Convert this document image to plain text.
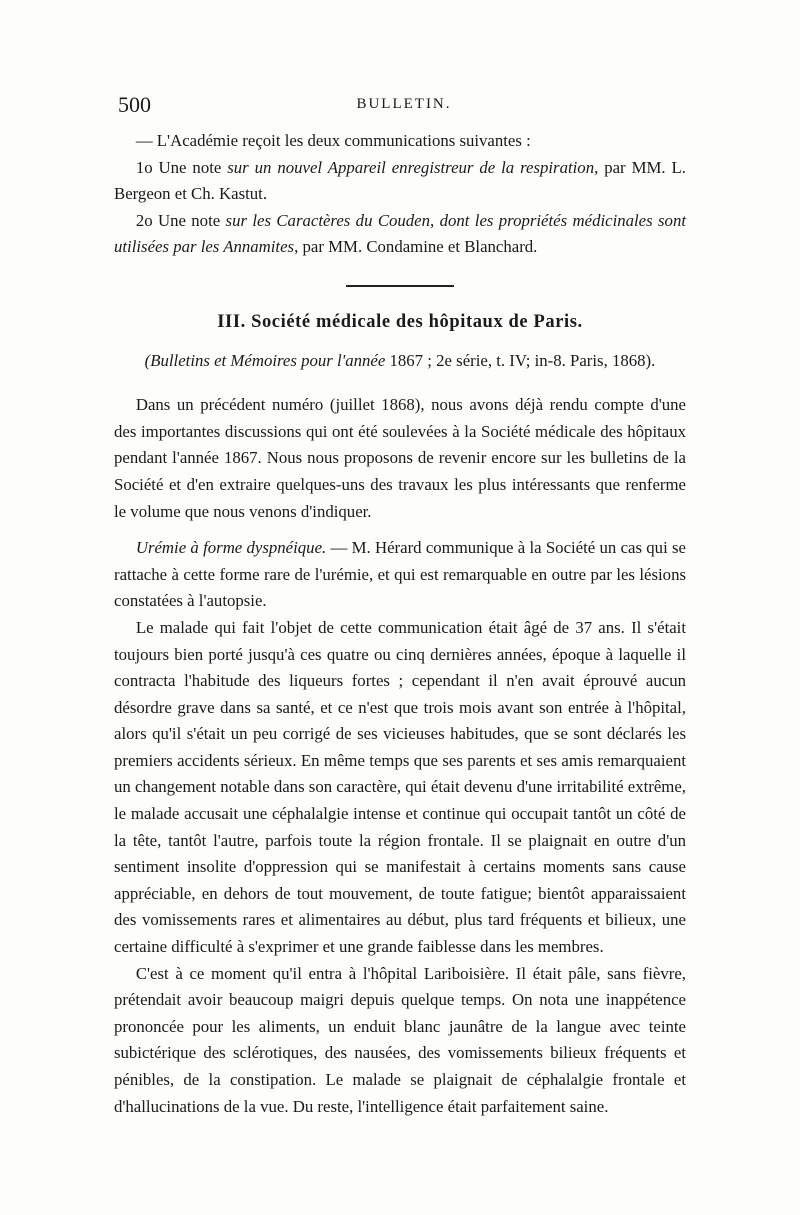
500	BULLETIN.

— L'Académie reçoit les deux communications suivantes :

1o Une note sur un nouvel Appareil enregistreur de la respiration, par MM. L. Bergeon et Ch. Kastut.

2o Une note sur les Caractères du Couden, dont les propriétés médicinales sont utilisées par les Annamites, par MM. Condamine et Blanchard.

III. Société médicale des hôpitaux de Paris.
(Bulletins et Mémoires pour l'année 1867 ; 2e série, t. IV; in-8. Paris, 1868).

Dans un précédent numéro (juillet 1868), nous avons déjà rendu compte d'une des importantes discussions qui ont été soulevées à la Société médicale des hôpitaux pendant l'année 1867. Nous nous proposons de revenir encore sur les bulletins de la Société et d'en extraire quelques-uns des travaux les plus intéressants que renferme le volume que nous venons d'indiquer.

Urémie à forme dyspnéique. — M. Hérard communique à la Société un cas qui se rattache à cette forme rare de l'urémie, et qui est remarquable en outre par les lésions constatées à l'autopsie.

Le malade qui fait l'objet de cette communication était âgé de 37 ans. Il s'était toujours bien porté jusqu'à ces quatre ou cinq dernières années, époque à laquelle il contracta l'habitude des liqueurs fortes ; cependant il n'en avait éprouvé aucun désordre grave dans sa santé, et ce n'est que trois mois avant son entrée à l'hôpital, alors qu'il s'était un peu corrigé de ses vicieuses habitudes, que se sont déclarés les premiers accidents sérieux. En même temps que ses parents et ses amis remarquaient un changement notable dans son caractère, qui était devenu d'une irritabilité extrême, le malade accusait une céphalalgie intense et continue qui occupait tantôt un côté de la tête, tantôt l'autre, parfois toute la région frontale. Il se plaignait en outre d'un sentiment insolite d'oppression qui se manifestait à certains moments sans cause appréciable, en dehors de tout mouvement, de toute fatigue; bientôt apparaissaient des vomissements rares et alimentaires au début, plus tard fréquents et bilieux, une certaine difficulté à s'exprimer et une grande faiblesse dans les membres.

C'est à ce moment qu'il entra à l'hôpital Lariboisière. Il était pâle, sans fièvre, prétendait avoir beaucoup maigri depuis quelque temps. On nota une inappétence prononcée pour les aliments, un enduit blanc jaunâtre de la langue avec teinte subictérique des sclérotiques, des nausées, des vomissements bilieux fréquents et pénibles, de la constipation. Le malade se plaignait de céphalalgie frontale et d'hallucinations de la vue. Du reste, l'intelligence était parfaitement saine.
